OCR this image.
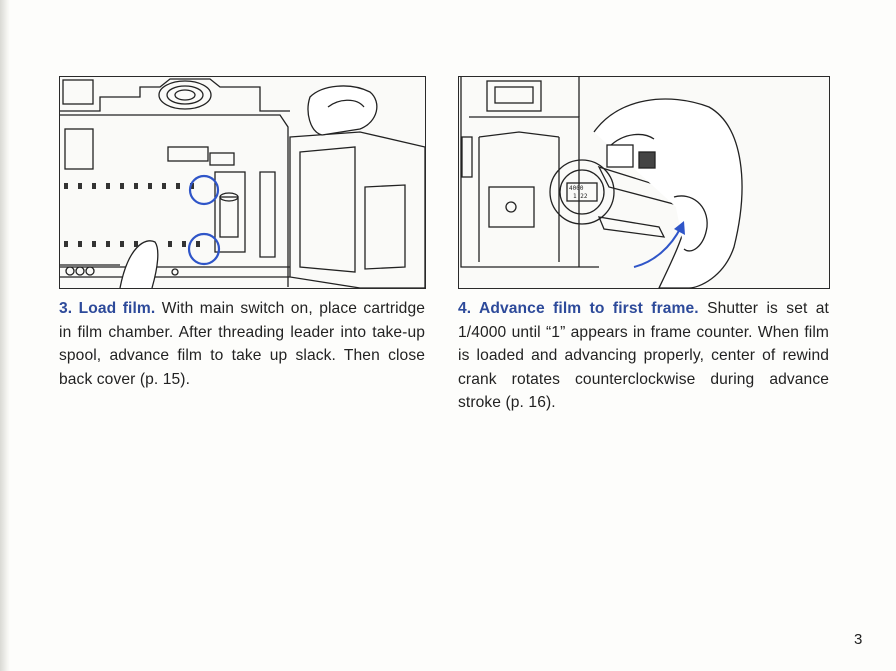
4000
1 22
3. Load film. With main switch on, place cartridge in film chamber. After threading leader into take-up spool, advance film to take up slack. Then close back cover (p. 15).
4. Advance film to first frame. Shutter is set at 1/4000 until “1” appears in frame counter. When film is loaded and advancing properly, center of rewind crank rotates counterclockwise during advance stroke (p. 16).
3
